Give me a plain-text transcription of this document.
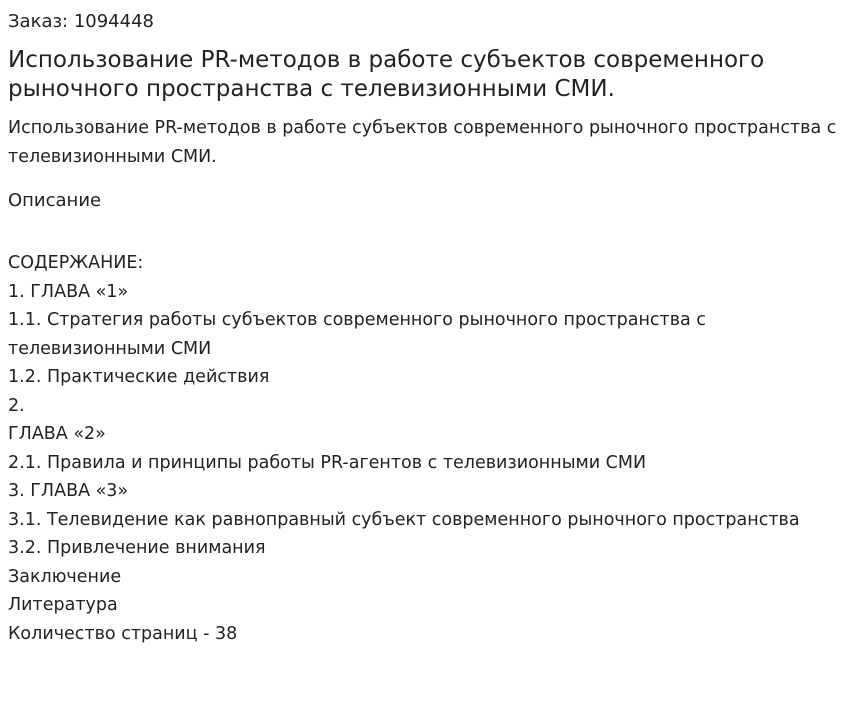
Заказ: 1094448

Использование PR-методов в работе субъектов современного рыночного пространства с телевизионными СМИ.

Использование PR-методов в работе субъектов современного рыночного пространства с телевизионными СМИ.

Описание

СОДЕРЖАНИЕ:
1. ГЛАВА «1»
1.1. Стратегия работы субъектов современного рыночного пространства с телевизионными СМИ
1.2. Практические действия
2.
ГЛАВА «2»
2.1. Правила и принципы работы PR-агентов с телевизионными СМИ
3. ГЛАВА «3»
3.1. Телевидение как равноправный субъект современного рыночного пространства
3.2. Привлечение внимания
Заключение
Литература
Количество страниц - 38
